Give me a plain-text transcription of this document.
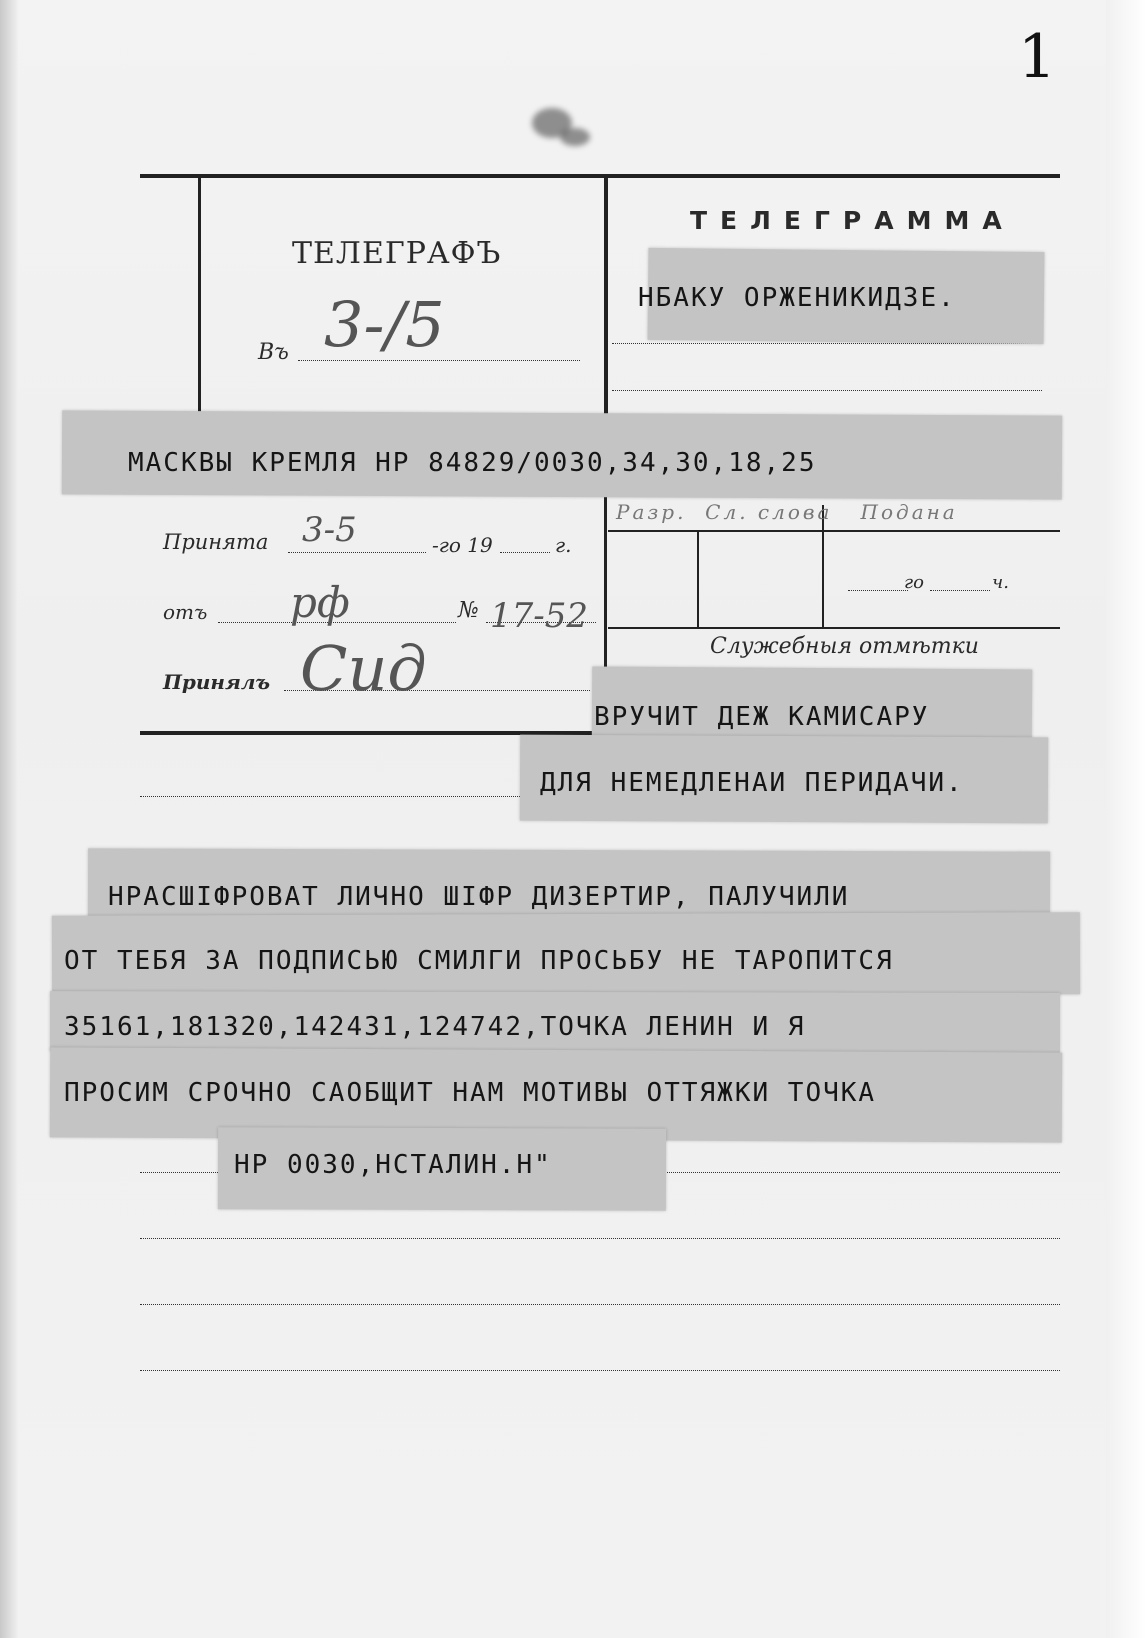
1
ТЕЛЕГРАФЪ
ТЕЛЕГРАММА
Въ 3-/5
Принята 3-5	-го 19	г.
отъ рф	№ 17-52
Принялъ Сид
Разр.  Сл. слова   Подана
го	ч.
Служебныя отмѣтки
НБАКУ ОРЖЕНИКИДЗЕ.
МАСКВЫ КРЕМЛЯ НР 84829/0030,34,30,18,25
ВРУЧИТ ДЕЖ КАМИСАРУ
ДЛЯ НЕМЕДЛЕНАИ ПЕРИДАЧИ.
НРАСШIФРОВАТ ЛИЧНО ШIФР ДИЗЕРТИР, ПАЛУЧИЛИ
ОТ ТЕБЯ ЗА ПОДПИСЬЮ СМИЛГИ ПРОСЬБУ НЕ ТАРОПИТСЯ
35161,181320,142431,124742,ТОЧКА ЛЕНИН И Я
ПРОСИМ СРОЧНО САОБЩИТ НАМ МОТИВЫ ОТТЯЖКИ ТОЧКА
НР 0030,НСТАЛИН.Н"
